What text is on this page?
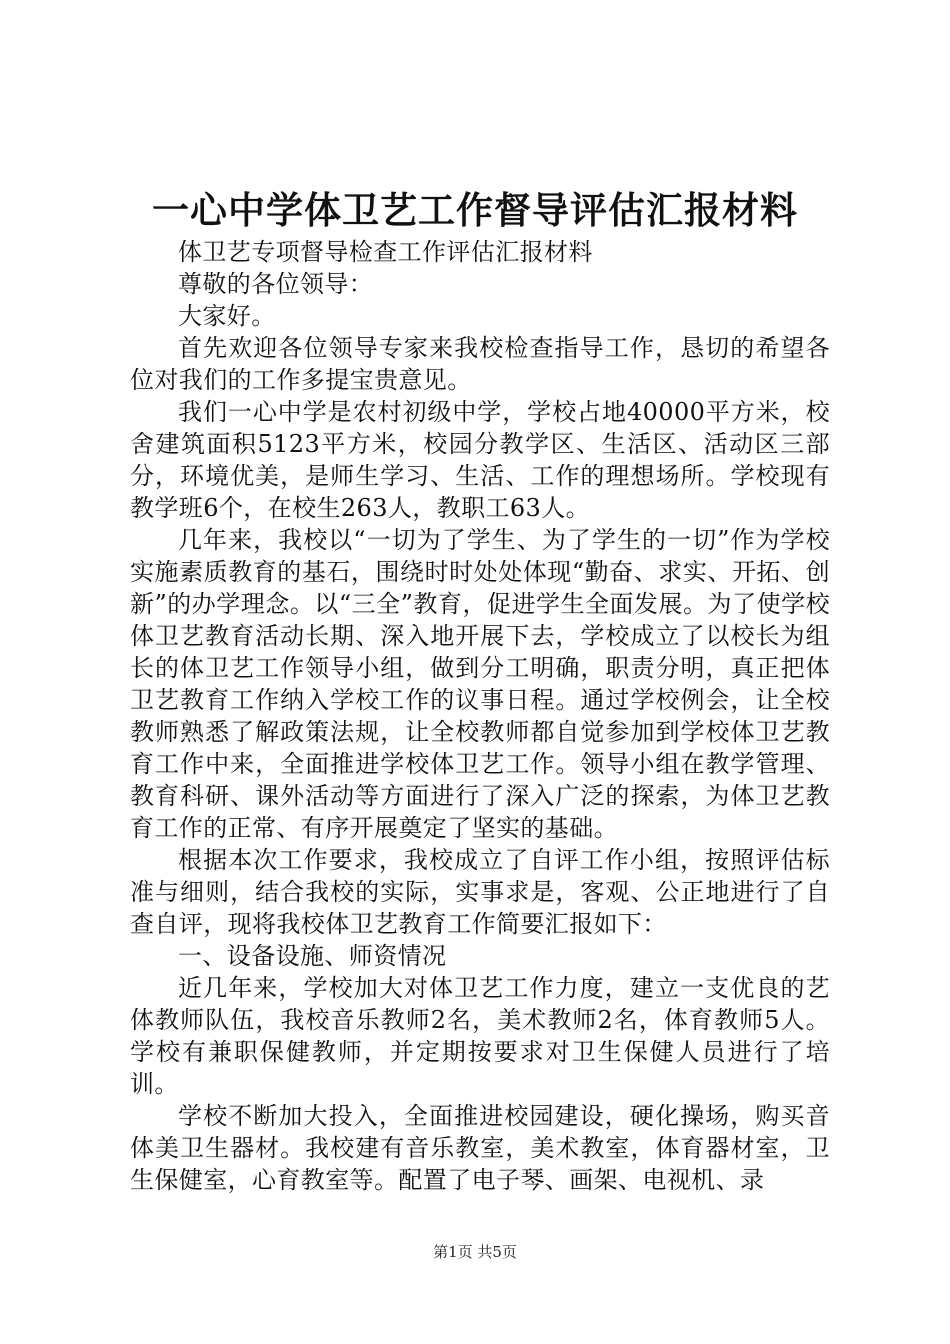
一心中学体卫艺工作督导评估汇报材料

体卫艺专项督导检查工作评估汇报材料

尊敬的各位领导：

大家好。

首先欢迎各位领导专家来我校检查指导工作，恳切的希望各位对我们的工作多提宝贵意见。

我们一心中学是农村初级中学，学校占地40000平方米，校舍建筑面积5123平方米，校园分教学区、生活区、活动区三部分，环境优美，是师生学习、生活、工作的理想场所。学校现有教学班6个，在校生263人，教职工63人。

几年来，我校以“一切为了学生、为了学生的一切”作为学校实施素质教育的基石，围绕时时处处体现“勤奋、求实、开拓、创新”的办学理念。以“三全”教育，促进学生全面发展。为了使学校体卫艺教育活动长期、深入地开展下去，学校成立了以校长为组长的体卫艺工作领导小组，做到分工明确，职责分明，真正把体卫艺教育工作纳入学校工作的议事日程。通过学校例会，让全校教师熟悉了解政策法规，让全校教师都自觉参加到学校体卫艺教育工作中来，全面推进学校体卫艺工作。领导小组在教学管理、教育科研、课外活动等方面进行了深入广泛的探索，为体卫艺教育工作的正常、有序开展奠定了坚实的基础。

根据本次工作要求，我校成立了自评工作小组，按照评估标准与细则，结合我校的实际，实事求是，客观、公正地进行了自查自评，现将我校体卫艺教育工作简要汇报如下：

一、设备设施、师资情况

近几年来，学校加大对体卫艺工作力度，建立一支优良的艺体教师队伍，我校音乐教师2名，美术教师2名，体育教师5人。学校有兼职保健教师，并定期按要求对卫生保健人员进行了培训。

学校不断加大投入，全面推进校园建设，硬化操场，购买音体美卫生器材。我校建有音乐教室，美术教室，体育器材室，卫生保健室，心育教室等。配置了电子琴、画架、电视机、录

第1页 共5页
